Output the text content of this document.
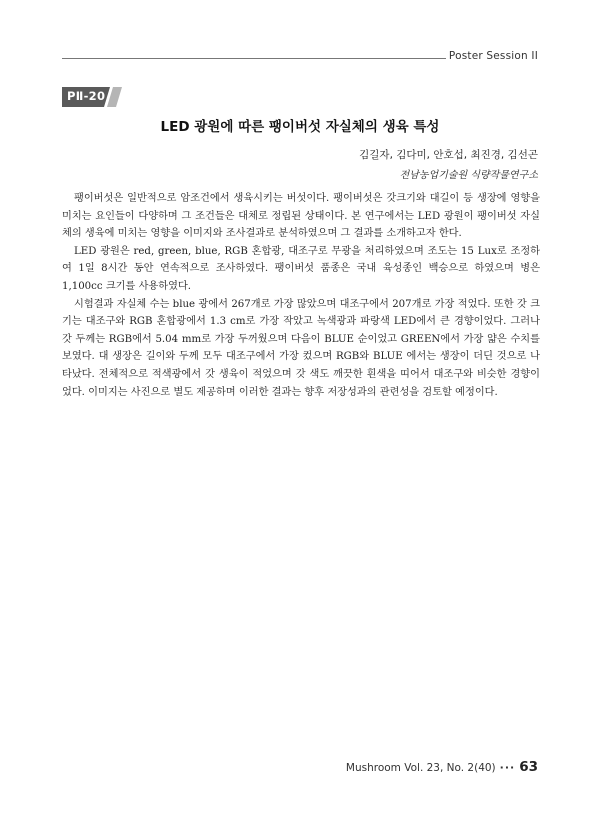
Poster Session II
PⅡ-20
LED 광원에 따른 팽이버섯 자실체의 생육 특성
김길자, 김다미, 안호섭, 최진경, 김선곤
전남농업기술원 식량작물연구소

팽이버섯은 일반적으로 암조건에서 생육시키는 버섯이다. 팽이버섯은 갓크기와 대길이 등 생장에 영향을 미치는 요인들이 다양하며 그 조건들은 대체로 정립된 상태이다. 본 연구에서는 LED 광원이 팽이버섯 자실체의 생육에 미치는 영향을 이미지와 조사결과로 분석하였으며 그 결과를 소개하고자 한다.

LED 광원은 red, green, blue, RGB 혼합광, 대조구로 무광을 처리하였으며 조도는 15 Lux로 조정하여 1일 8시간 동안 연속적으로 조사하였다. 팽이버섯 품종은 국내 육성종인 백승으로 하였으며 병은 1,100cc 크기를 사용하였다.

시험결과 자실체 수는 blue 광에서 267개로 가장 많았으며 대조구에서 207개로 가장 적었다. 또한 갓 크기는 대조구와 RGB 혼합광에서 1.3 cm로 가장 작았고 녹색광과 파랑색 LED에서 큰 경향이었다. 그러나 갓 두께는 RGB에서 5.04 mm로 가장 두꺼웠으며 다음이 BLUE 순이었고 GREEN에서 가장 얇은 수치를 보였다. 대 생장은 길이와 두께 모두 대조구에서 가장 컸으며 RGB와 BLUE 에서는 생장이 더딘 것으로 나타났다. 전체적으로 적색광에서 갓 생육이 적었으며 갓 색도 깨끗한 흰색을 띠어서 대조구와 비슷한 경향이었다. 이미지는 사진으로 별도 제공하며 이러한 결과는 향후 저장성과의 관련성을 검토할 예정이다.

Mushroom Vol. 23, No. 2(40) ··· 63
